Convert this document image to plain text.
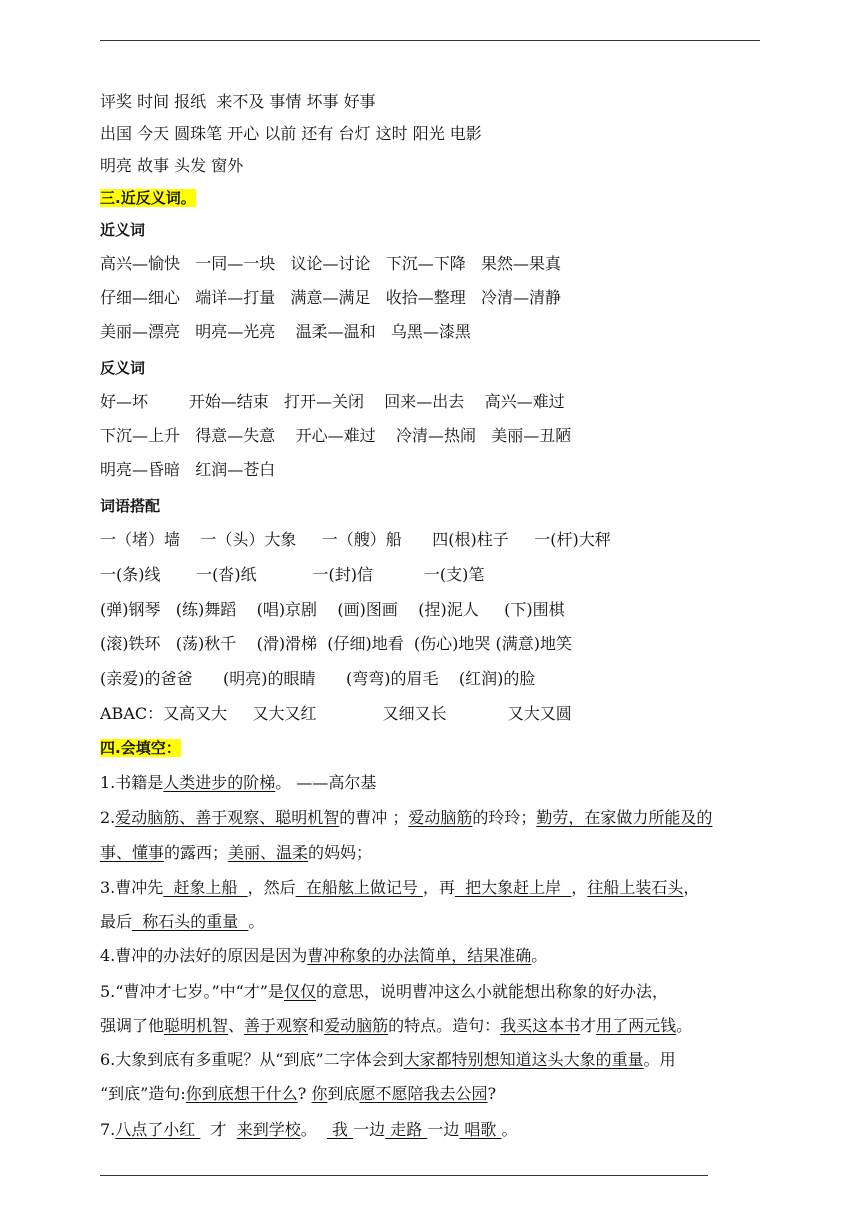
评奖 时间 报纸  来不及 事情 坏事 好事
出国 今天 圆珠笔 开心 以前 还有 台灯 这时 阳光 电影
明亮 故事 头发 窗外
三.近反义词。
近义词
高兴—愉快   一同—一块   议论—讨论   下沉—下降   果然—果真
仔细—细心   端详—打量   满意—满足   收拾—整理   冷清—清静
美丽—漂亮   明亮—光亮    温柔—温和   乌黑—漆黑
反义词
好—坏        开始—结束   打开—关闭    回来—出去    高兴—难过
下沉—上升   得意—失意    开心—难过    冷清—热闹   美丽—丑陋
明亮—昏暗   红润—苍白
词语搭配
一（堵）墙    一（头）大象     一（艘）船      四(根)柱子     一(杆)大秤
一(条)线       一(沓)纸           一(封)信          一(支)笔
(弹)钢琴   (练)舞蹈    (唱)京剧    (画)图画    (捏)泥人     (下)围棋
(滚)铁环   (荡)秋千    (滑)滑梯  (仔细)地看  (伤心)地哭 (满意)地笑
(亲爱)的爸爸      (明亮)的眼睛      (弯弯)的眉毛    (红润)的脸
ABAC：又高又大     又大又红             又细又长            又大又圆
四.会填空：
1.书籍是人类进步的阶梯。 ——高尔基
2.爱动脑筋、善于观察、聪明机智的曹冲 ；爱动脑筋的玲玲；勤劳，在家做力所能及的
事、懂事的露西；美丽、温柔的妈妈；
3.曹冲先  赶象上船  ，然后  在船舷上做记号 ，再  把大象赶上岸  ，往船上装石头，
最后  称石头的重量  。
4.曹冲的办法好的原因是因为曹冲称象的办法简单，结果准确。
5.“曹冲才七岁。”中“才”是仅仅的意思，说明曹冲这么小就能想出称象的好办法，
强调了他聪明机智、善于观察和爱动脑筋的特点。造句：我买这本书才用了两元钱。
6.大象到底有多重呢？从“到底”二字体会到大家都特别想知道这头大象的重量。用
“到底”造句:你到底想干什么? 你到底愿不愿陪我去公园?
7.八点了小红   才  来到学校。   我 一边 走路 一边 唱歌 。
